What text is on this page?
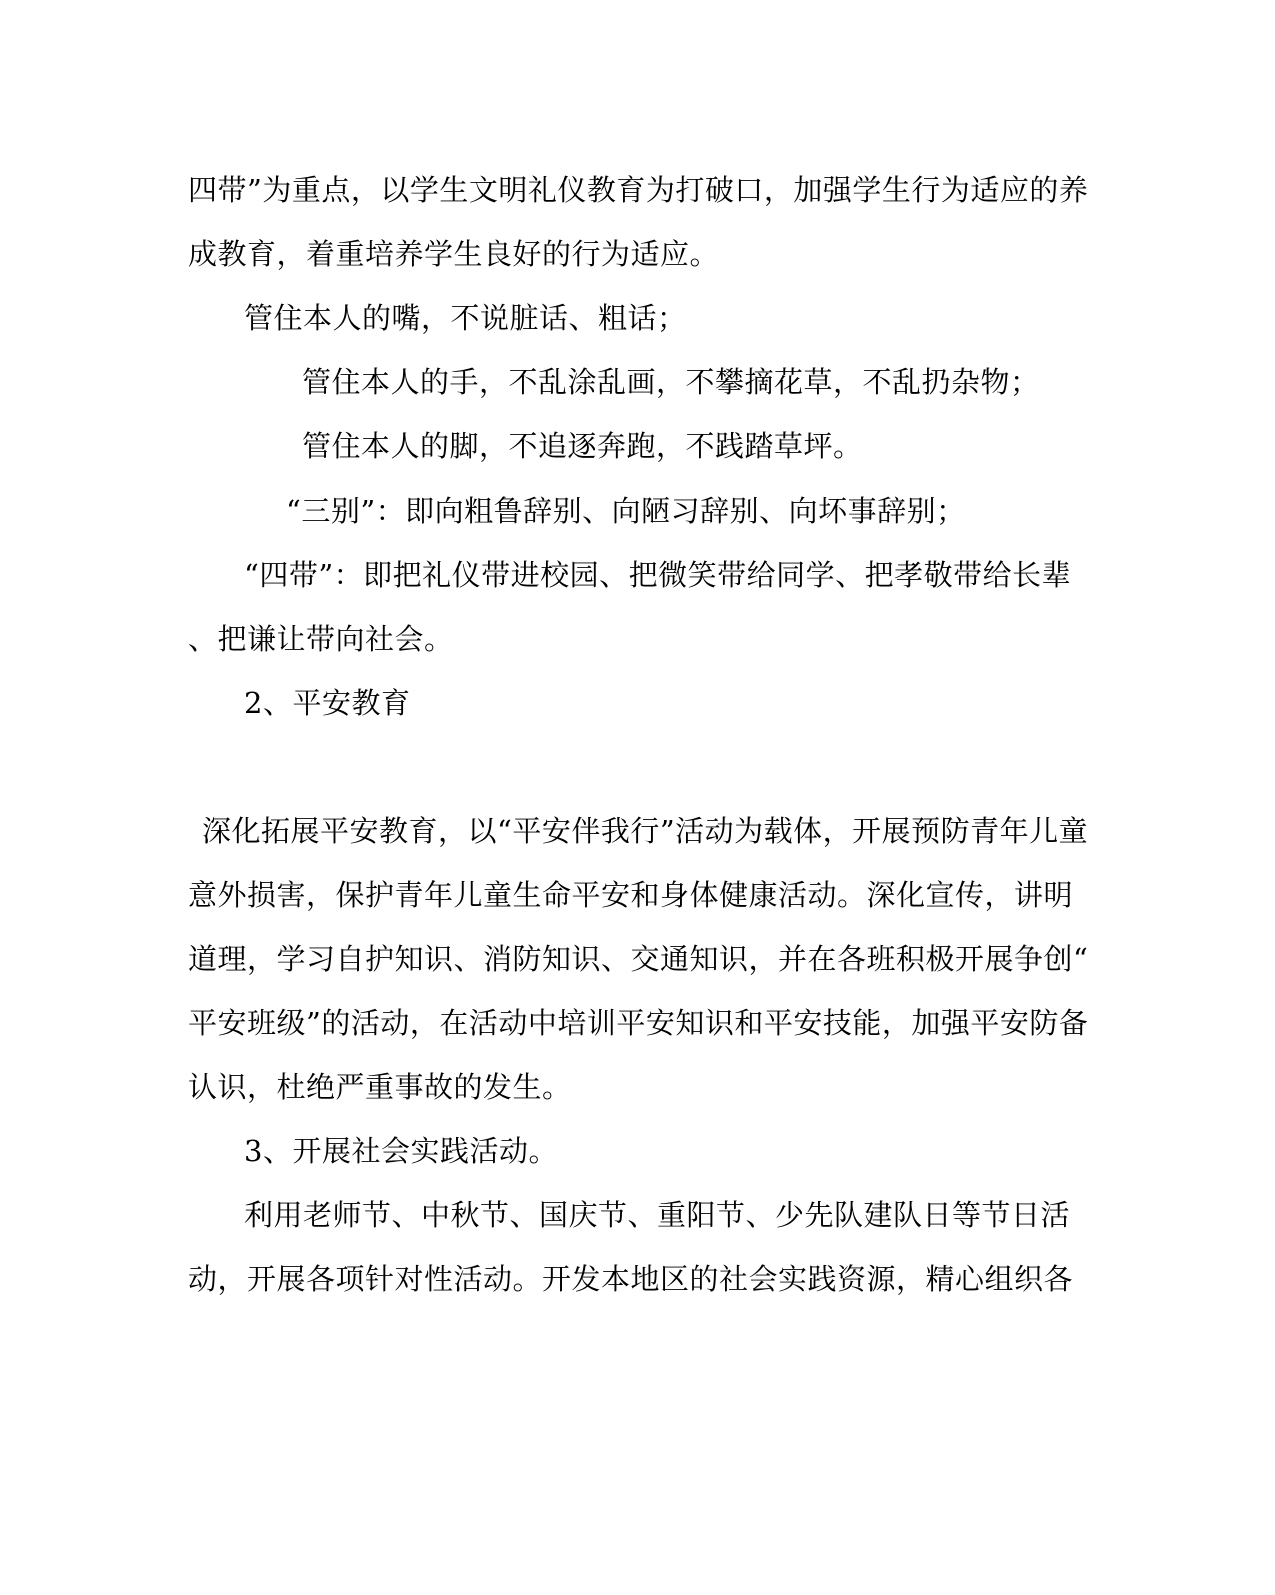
四带”为重点，以学生文明礼仪教育为打破口，加强学生行为适应的养
成教育，着重培养学生良好的行为适应。
管住本人的嘴，不说脏话、粗话；
管住本人的手，不乱涂乱画，不攀摘花草，不乱扔杂物；
管住本人的脚，不追逐奔跑，不践踏草坪。
“三别”：即向粗鲁辞别、向陋习辞别、向坏事辞别；
“四带”：即把礼仪带进校园、把微笑带给同学、把孝敬带给长辈
、把谦让带向社会。
2、平安教育
深化拓展平安教育，以“平安伴我行”活动为载体，开展预防青年儿童
意外损害，保护青年儿童生命平安和身体健康活动。深化宣传，讲明
道理，学习自护知识、消防知识、交通知识，并在各班积极开展争创“
平安班级”的活动，在活动中培训平安知识和平安技能，加强平安防备
认识，杜绝严重事故的发生。
3、开展社会实践活动。
利用老师节、中秋节、国庆节、重阳节、少先队建队日等节日活
动，开展各项针对性活动。开发本地区的社会实践资源，精心组织各
